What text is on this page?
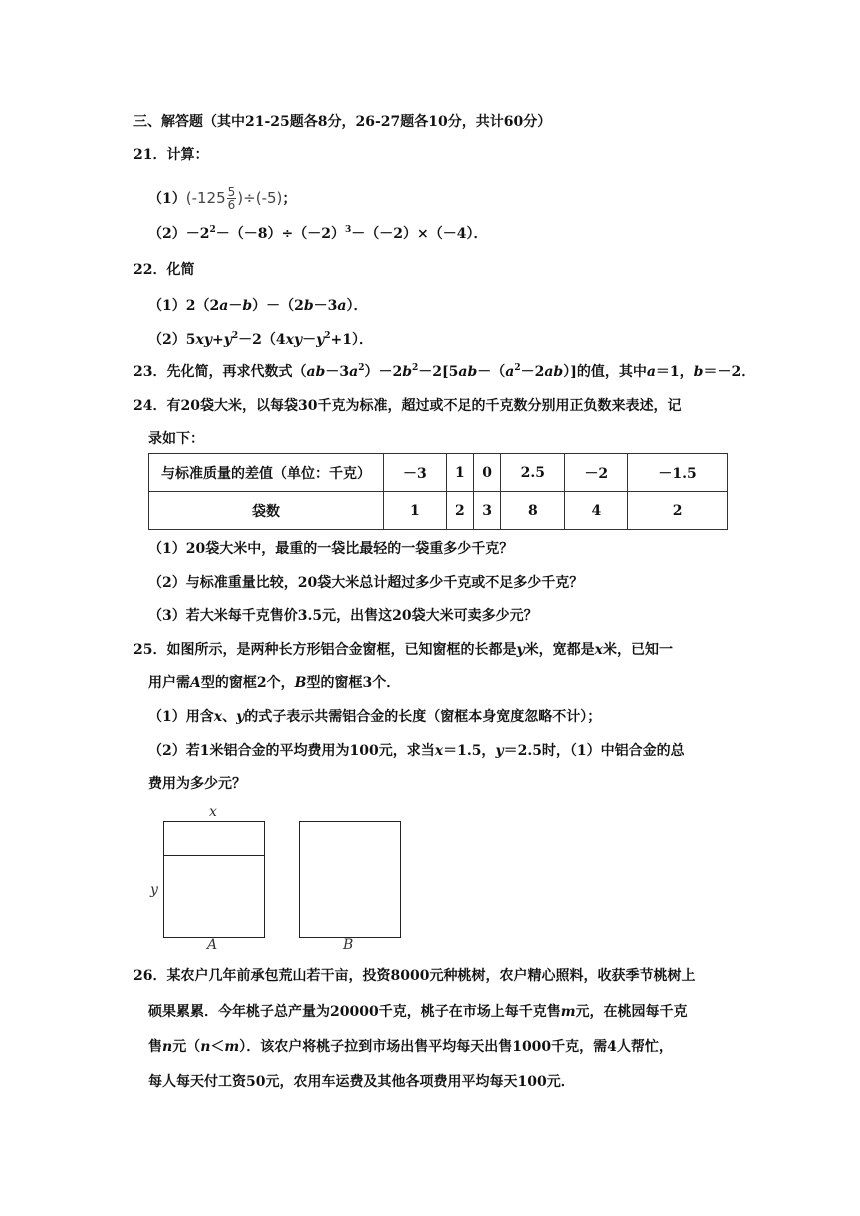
三、解答题（其中21-25题各8分，26-27题各10分，共计60分）
21．计算：
$(1)(-125 \frac{5}{6} )\div(-5)$；
$(2)-2^2-(-8)\div(-2)^3-(-2)\times(-4)$．
22．化简
（1）2（2a－b）－（2b－3a）．
$(2)5xy+y^2-2(4xy-y^2+1)$．
23．先化简，再求代数式$(ab-3a^2)-2b^2-2[5ab-(a^2-2ab)]$的值，其中a＝1，b＝－2．
24．有20袋大米，以每袋30千克为标准，超过或不足的千克数分别用正负数来表述，记
录如下：
与标准质量的差值（单位：千克）	－3	1	0	2.5	－2	－1.5
袋数	1	2	3	8	4	2
（1）20袋大米中，最重的一袋比最轻的一袋重多少千克？
（2）与标准重量比较，20袋大米总计超过多少千克或不足多少千克？
（3）若大米每千克售价3.5元，出售这20袋大米可卖多少元？
25．如图所示，是两种长方形铝合金窗框，已知窗框的长都是y米，宽都是x米，已知一
用户需A型的窗框2个，B型的窗框3个．
（1）用含x、y的式子表示共需铝合金的长度（窗框本身宽度忽略不计）；
（2）若1米铝合金的平均费用为100元，求当x＝1.5，y＝2.5时，（1）中铝合金的总
费用为多少元？
x
y
A	B
26．某农户几年前承包荒山若干亩，投资8000元种桃树，农户精心照料，收获季节桃树上
硕果累累．今年桃子总产量为20000千克，桃子在市场上每千克售m元，在桃园每千克
售n元（n＜m）．该农户将桃子拉到市场出售平均每天出售1000千克，需4人帮忙，
每人每天付工资50元，农用车运费及其他各项费用平均每天100元．
